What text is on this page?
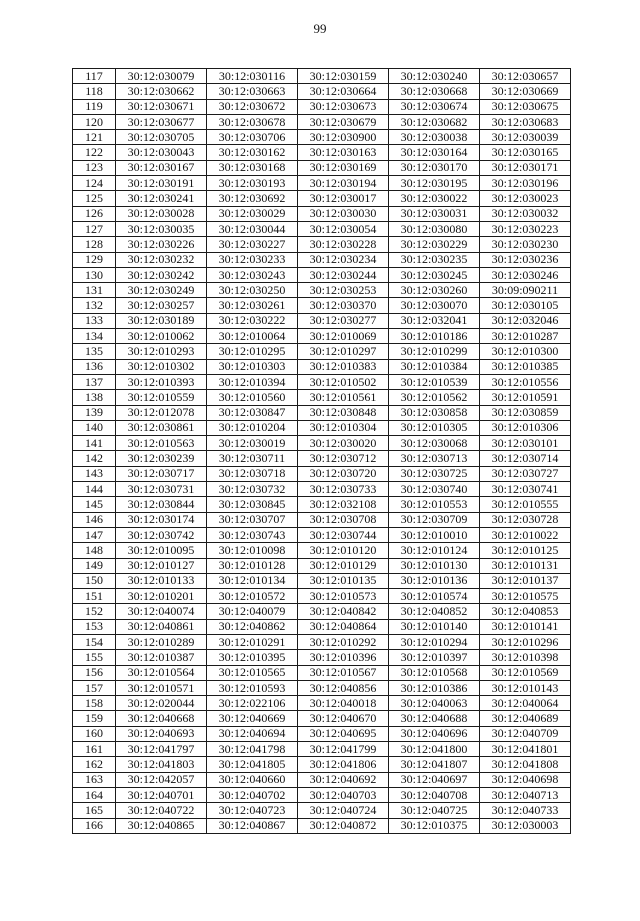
99
117	30:12:030079	30:12:030116	30:12:030159	30:12:030240	30:12:030657
118	30:12:030662	30:12:030663	30:12:030664	30:12:030668	30:12:030669
119	30:12:030671	30:12:030672	30:12:030673	30:12:030674	30:12:030675
120	30:12:030677	30:12:030678	30:12:030679	30:12:030682	30:12:030683
121	30:12:030705	30:12:030706	30:12:030900	30:12:030038	30:12:030039
122	30:12:030043	30:12:030162	30:12:030163	30:12:030164	30:12:030165
123	30:12:030167	30:12:030168	30:12:030169	30:12:030170	30:12:030171
124	30:12:030191	30:12:030193	30:12:030194	30:12:030195	30:12:030196
125	30:12:030241	30:12:030692	30:12:030017	30:12:030022	30:12:030023
126	30:12:030028	30:12:030029	30:12:030030	30:12:030031	30:12:030032
127	30:12:030035	30:12:030044	30:12:030054	30:12:030080	30:12:030223
128	30:12:030226	30:12:030227	30:12:030228	30:12:030229	30:12:030230
129	30:12:030232	30:12:030233	30:12:030234	30:12:030235	30:12:030236
130	30:12:030242	30:12:030243	30:12:030244	30:12:030245	30:12:030246
131	30:12:030249	30:12:030250	30:12:030253	30:12:030260	30:09:090211
132	30:12:030257	30:12:030261	30:12:030370	30:12:030070	30:12:030105
133	30:12:030189	30:12:030222	30:12:030277	30:12:032041	30:12:032046
134	30:12:010062	30:12:010064	30:12:010069	30:12:010186	30:12:010287
135	30:12:010293	30:12:010295	30:12:010297	30:12:010299	30:12:010300
136	30:12:010302	30:12:010303	30:12:010383	30:12:010384	30:12:010385
137	30:12:010393	30:12:010394	30:12:010502	30:12:010539	30:12:010556
138	30:12:010559	30:12:010560	30:12:010561	30:12:010562	30:12:010591
139	30:12:012078	30:12:030847	30:12:030848	30:12:030858	30:12:030859
140	30:12:030861	30:12:010204	30:12:010304	30:12:010305	30:12:010306
141	30:12:010563	30:12:030019	30:12:030020	30:12:030068	30:12:030101
142	30:12:030239	30:12:030711	30:12:030712	30:12:030713	30:12:030714
143	30:12:030717	30:12:030718	30:12:030720	30:12:030725	30:12:030727
144	30:12:030731	30:12:030732	30:12:030733	30:12:030740	30:12:030741
145	30:12:030844	30:12:030845	30:12:032108	30:12:010553	30:12:010555
146	30:12:030174	30:12:030707	30:12:030708	30:12:030709	30:12:030728
147	30:12:030742	30:12:030743	30:12:030744	30:12:010010	30:12:010022
148	30:12:010095	30:12:010098	30:12:010120	30:12:010124	30:12:010125
149	30:12:010127	30:12:010128	30:12:010129	30:12:010130	30:12:010131
150	30:12:010133	30:12:010134	30:12:010135	30:12:010136	30:12:010137
151	30:12:010201	30:12:010572	30:12:010573	30:12:010574	30:12:010575
152	30:12:040074	30:12:040079	30:12:040842	30:12:040852	30:12:040853
153	30:12:040861	30:12:040862	30:12:040864	30:12:010140	30:12:010141
154	30:12:010289	30:12:010291	30:12:010292	30:12:010294	30:12:010296
155	30:12:010387	30:12:010395	30:12:010396	30:12:010397	30:12:010398
156	30:12:010564	30:12:010565	30:12:010567	30:12:010568	30:12:010569
157	30:12:010571	30:12:010593	30:12:040856	30:12:010386	30:12:010143
158	30:12:020044	30:12:022106	30:12:040018	30:12:040063	30:12:040064
159	30:12:040668	30:12:040669	30:12:040670	30:12:040688	30:12:040689
160	30:12:040693	30:12:040694	30:12:040695	30:12:040696	30:12:040709
161	30:12:041797	30:12:041798	30:12:041799	30:12:041800	30:12:041801
162	30:12:041803	30:12:041805	30:12:041806	30:12:041807	30:12:041808
163	30:12:042057	30:12:040660	30:12:040692	30:12:040697	30:12:040698
164	30:12:040701	30:12:040702	30:12:040703	30:12:040708	30:12:040713
165	30:12:040722	30:12:040723	30:12:040724	30:12:040725	30:12:040733
166	30:12:040865	30:12:040867	30:12:040872	30:12:010375	30:12:030003
